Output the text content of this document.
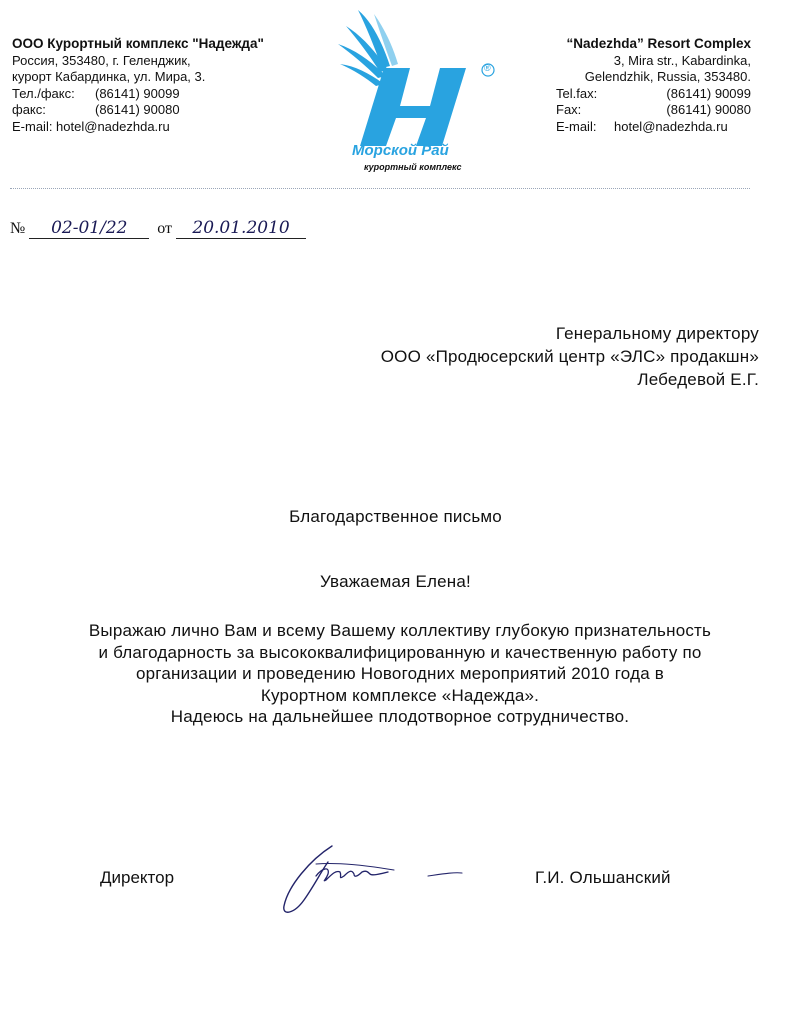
ООО Курортный комплекс "Надежда"
Россия, 353480, г. Геленджик,
курорт Кабардинка, ул. Мира, 3.
Тел./факс: (86141) 90099
факс:	(86141) 90080
E-mail: hotel@nadezhda.ru
®
Морской Рай
курортный комплекс
“Nadezhda” Resort Complex
3, Mira str., Kabardinka,
Gelendzhik, Russia, 353480.
Tel.fax:	(86141) 90099
Fax:	(86141) 90080
E-mail: hotel@nadezhda.ru
№ 02-01/22 от 20.01.2010
Генеральному директору
ООО «Продюсерский центр «ЭЛС» продакшн»
Лебедевой Е.Г.
Благодарственное письмо
Уважаемая Елена!
Выражаю лично Вам и всему Вашему коллективу глубокую признательность
и благодарность за высококвалифицированную и качественную работу по
организации и проведению Новогодних мероприятий 2010 года в
Курортном комплексе «Надежда».
Надеюсь на дальнейшее плодотворное сотрудничество.
Директор	Г.И. Ольшанский
